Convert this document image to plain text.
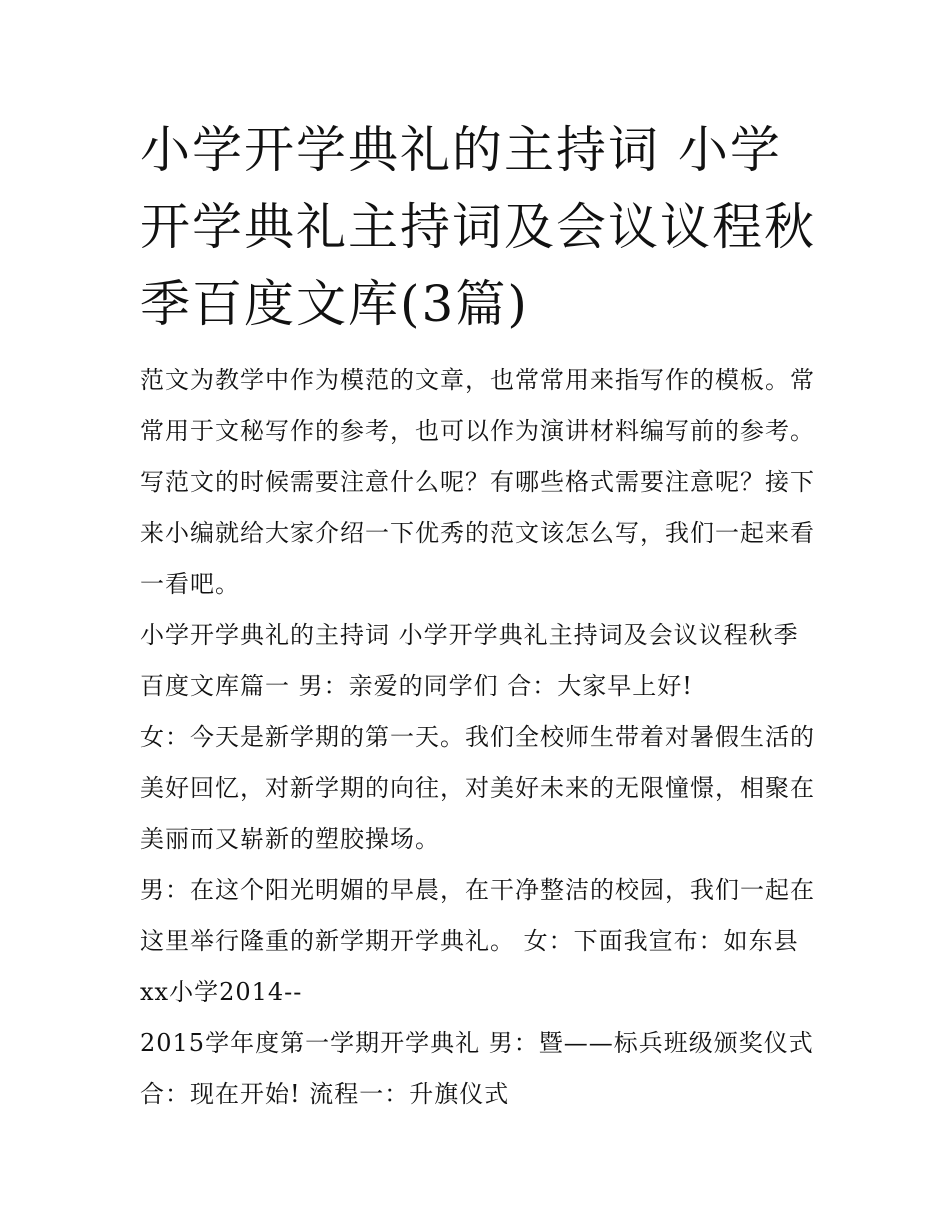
小学开学典礼的主持词 小学开学典礼主持词及会议议程秋季百度文库(3篇)

范文为教学中作为模范的文章，也常常用来指写作的模板。常常用于文秘写作的参考，也可以作为演讲材料编写前的参考。写范文的时候需要注意什么呢？有哪些格式需要注意呢？接下来小编就给大家介绍一下优秀的范文该怎么写，我们一起来看一看吧。

小学开学典礼的主持词 小学开学典礼主持词及会议议程秋季百度文库篇一 男：亲爱的同学们 合：大家早上好!

女：今天是新学期的第一天。我们全校师生带着对暑假生活的美好回忆，对新学期的向往，对美好未来的无限憧憬，相聚在美丽而又崭新的塑胶操场。

男：在这个阳光明媚的早晨，在干净整洁的校园，我们一起在这里举行隆重的新学期开学典礼。 女：下面我宣布：如东县xx小学2014--

2015学年度第一学期开学典礼 男：暨——标兵班级颁奖仪式 合：现在开始! 流程一：升旗仪式
